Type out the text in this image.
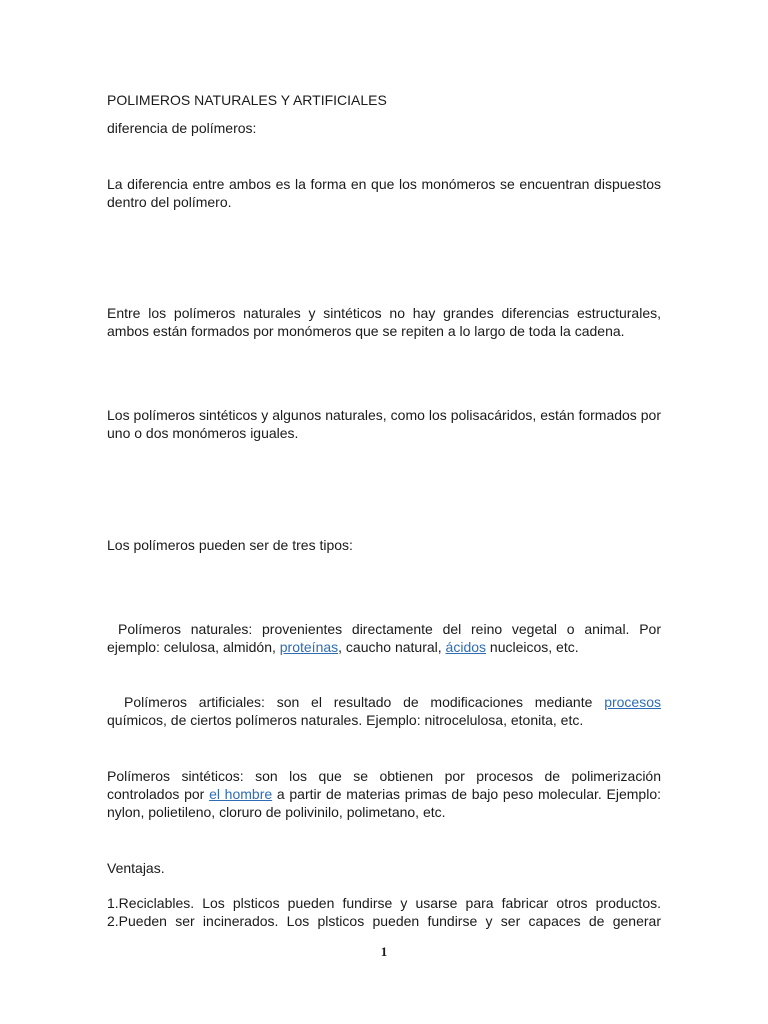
POLIMEROS NATURALES Y ARTIFICIALES

diferencia de polímeros:

La diferencia entre ambos es la forma en que los monómeros se encuentran dispuestos dentro del polímero.

Entre los polímeros naturales y sintéticos no hay grandes diferencias estructurales, ambos están formados por monómeros que se repiten a lo largo de toda la cadena.

Los polímeros sintéticos y algunos naturales, como los polisacáridos, están formados por uno o dos monómeros iguales.

Los polímeros pueden ser de tres tipos:

Polímeros naturales: provenientes directamente del reino vegetal o animal. Por ejemplo: celulosa, almidón, proteínas, caucho natural, ácidos nucleicos, etc.

Polímeros artificiales: son el resultado de modificaciones mediante procesos químicos, de ciertos polímeros naturales. Ejemplo: nitrocelulosa, etonita, etc.

Polímeros sintéticos: son los que se obtienen por procesos de polimerización controlados por el hombre a partir de materias primas de bajo peso molecular. Ejemplo: nylon, polietileno, cloruro de polivinilo, polimetano, etc.

Ventajas.

1.Reciclables. Los plsticos pueden fundirse y usarse para fabricar otros productos.

2.Pueden ser incinerados. Los plsticos pueden fundirse y ser capaces de generar

1
